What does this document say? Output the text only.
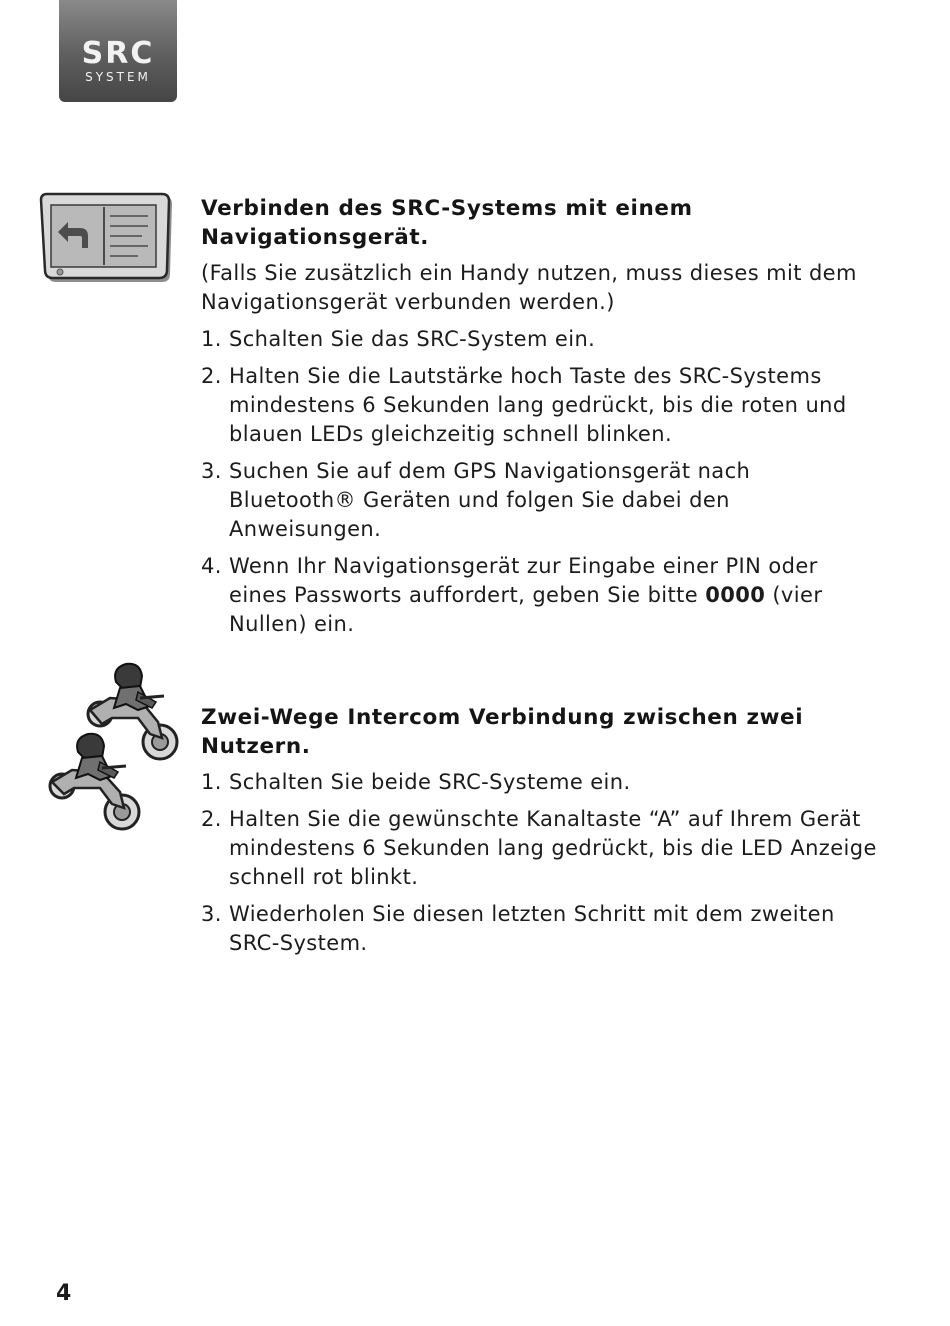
SRC
SYSTEM
Verbinden des SRC-Systems mit einem Navigationsgerät.
(Falls Sie zusätzlich ein Handy nutzen, muss dieses mit dem Navigationsgerät verbunden werden.)
1. Schalten Sie das SRC-System ein.
2. Halten Sie die Lautstärke hoch Taste des SRC-Systems mindestens 6 Sekunden lang gedrückt, bis die roten und blauen LEDs gleichzeitig schnell blinken.
3. Suchen Sie auf dem GPS Navigationsgerät nach Bluetooth® Geräten und folgen Sie dabei den Anweisungen.
4. Wenn Ihr Navigationsgerät zur Eingabe einer PIN oder eines Passworts auffordert, geben Sie bitte 0000 (vier Nullen) ein.
Zwei-Wege Intercom Verbindung zwischen zwei Nutzern.
1. Schalten Sie beide SRC-Systeme ein.
2. Halten Sie die gewünschte Kanaltaste “A” auf Ihrem Gerät mindestens 6 Sekunden lang gedrückt, bis die LED Anzeige schnell rot blinkt.
3. Wiederholen Sie diesen letzten Schritt mit dem zweiten SRC-System.
4
